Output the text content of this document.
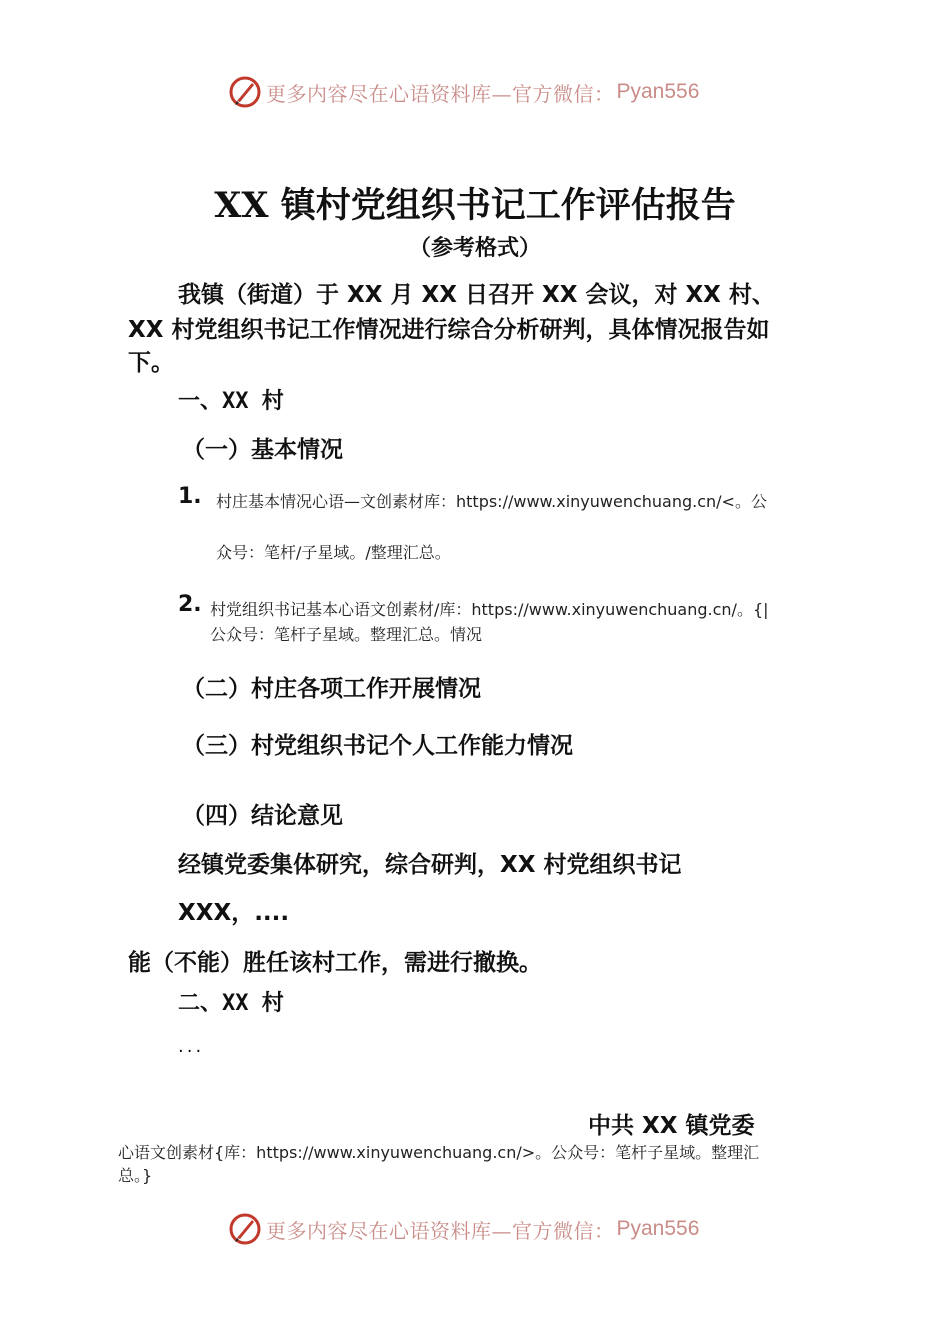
更多内容尽在心语资料库—官方微信： Pyan556
XX 镇村党组织书记工作评估报告
（参考格式）
我镇（街道）于 XX 月 XX 日召开 XX 会议，对 XX 村、
XX 村党组织书记工作情况进行综合分析研判，具体情况报告如
下。
一、XX 村
（一）基本情况
1. 村庄基本情况心语—文创素材库：https://www.xinyuwenchuang.cn/<。公
众号：笔杆/子星域。/整理汇总。
2. 村党组织书记基本心语文创素材/库：https://www.xinyuwenchuang.cn/。{|
公众号：笔杆子星域。整理汇总。情况
（二）村庄各项工作开展情况
（三）村党组织书记个人工作能力情况
（四）结论意见
经镇党委集体研究，综合研判，XX 村党组织书记
XXX，....
能（不能）胜任该村工作，需进行撤换。
二、XX 村
...
中共 XX 镇党委
心语文创素材{库：https://www.xinyuwenchuang.cn/>。公众号：笔杆子星域。整理汇
总。}
更多内容尽在心语资料库—官方微信： Pyan556
